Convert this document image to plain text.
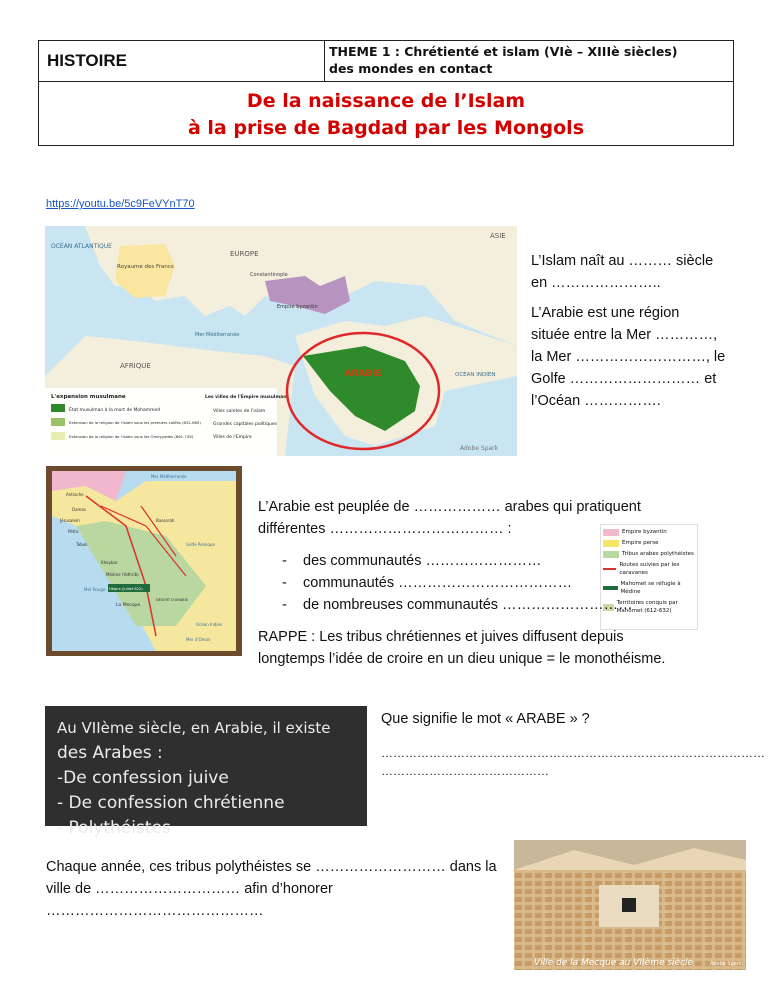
HISTOIRE	THEME 1 : Chrétienté et islam (VIè – XIIIè siècles)
des mondes en contact
De la naissance de l’Islam
à la prise de Bagdad par les Mongols
https://youtu.be/5c9FeVYnT70
ARABIE
OCÉAN ATLANTIQUE
EUROPE
ASIE
Royaume des Francs
Constantinople
Empire byzantin
Mer Méditerranée
AFRIQUE
OCÉAN INDIEN
Adobe Spark
L'expansion musulmane
État musulman à la mort de Mohammed
Extension de la religion de l'islam sous les premiers califes (632-660)
Extension de la religion de l'islam sous les Omeyyades (661-749)
Les villes de l'Empire musulman
Villes saintes de l'islam
Grandes capitales politiques
Villes de l'Empire
L’Islam naît au ……… siècle
en …………………..
L’Arabie est une région
située entre la Mer …………,
la Mer ………………………, le
Golfe ……………………… et
l’Océan …………….
Hégire (juillet 622)
Antioche
Mer Méditerranée
Damas
Jérusalem
Pétra
Bassorah
Golfe Persique
Tabuk
Khaybar
Médine (Yathrib)
Mer Rouge
La Mecque
DÉSERT D'ARABIE
Océan Indien
Mer d'Oman
Empire byzantin
Empire perse
Tribus arabes polythéistes
Routes suivies par les caravanes
Mahomet se réfugie à Médine
Territoires conquis par Mahomet (612-632)
L’Arabie est peuplée de ……………… arabes qui pratiquent
différentes ……………………………… :
- des communautés ……………………
- communautés ………………………………
- de nombreuses communautés ………………………
RAPPE : Les tribus chrétiennes et juives diffusent depuis
longtemps l’idée de croire en un dieu unique = le monothéisme.
Au VIIème siècle, en Arabie, il existe
des Arabes :
-De confession juive
- De confession chrétienne
- Polythéistes
Que signifie le mot « ARABE » ?
……………………………………………………………………………………
……………………………………
Chaque année, ces tribus polythéistes se ……………………… dans la
ville de ………………………… afin d’honorer ………………………………………
Ville de la Mecque au VIIème siècle	Adobe Spark
